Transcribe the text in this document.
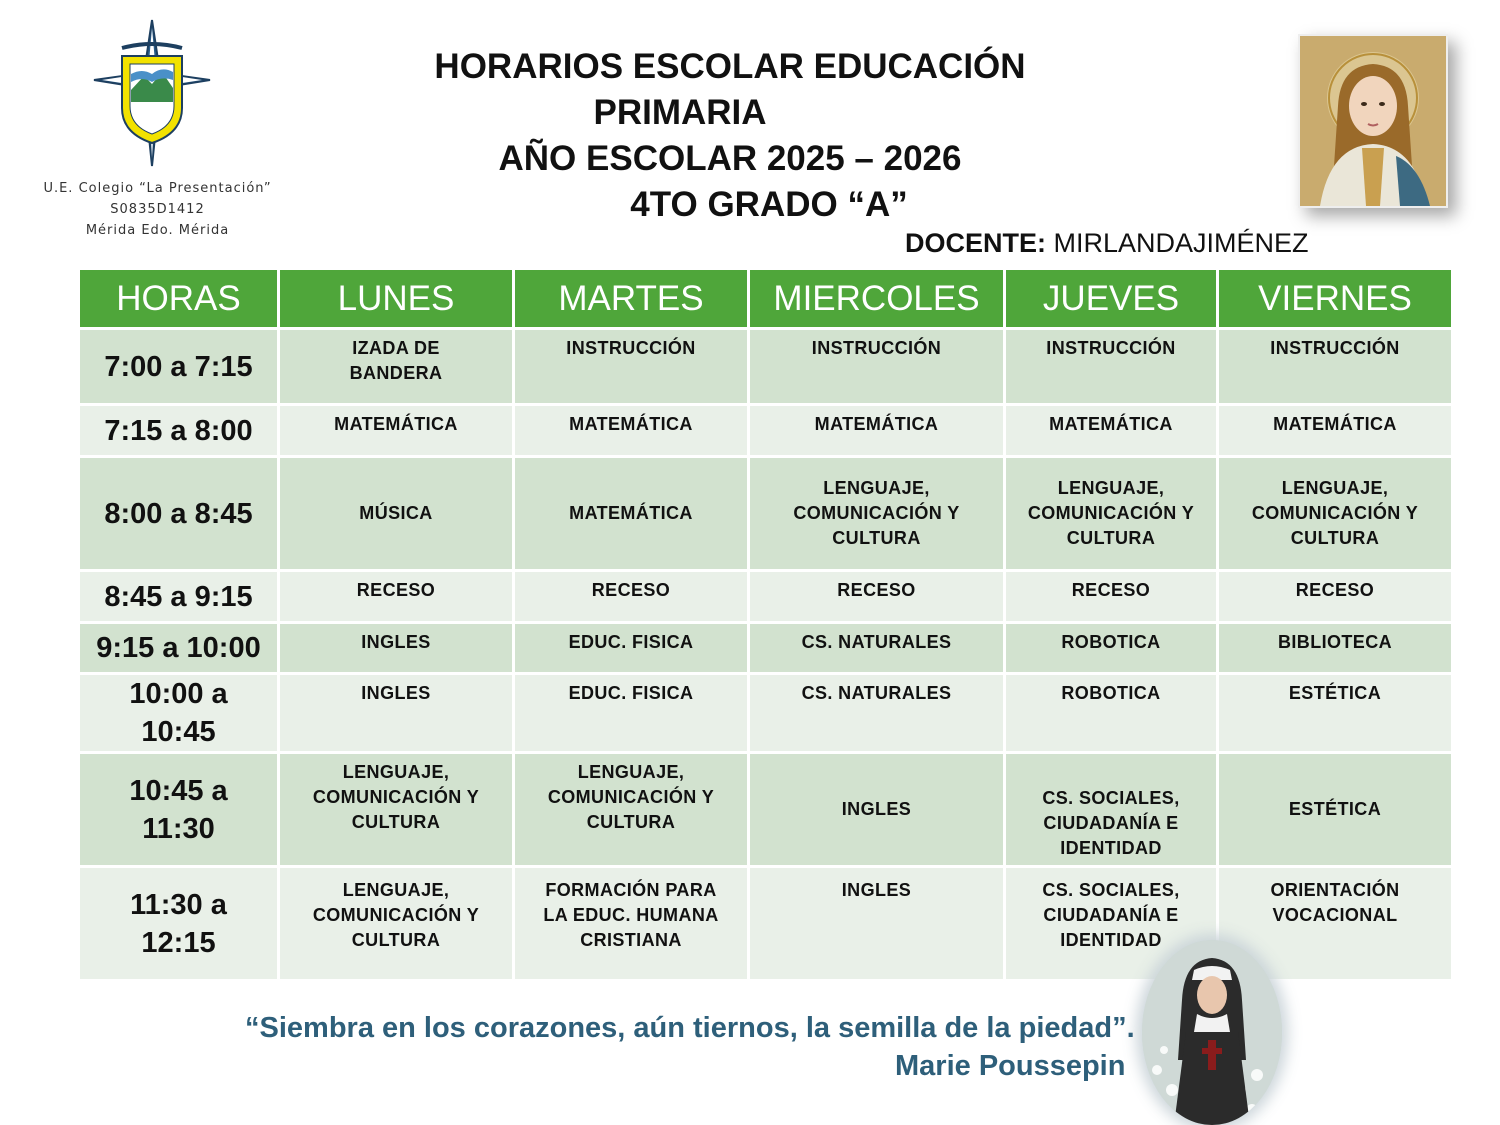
U.E. Colegio “La Presentación”
S0835D1412
Mérida Edo. Mérida
HORARIOS ESCOLAR EDUCACIÓN
PRIMARIA
AÑO ESCOLAR 2025 – 2026
4TO GRADO “A”
DOCENTE: MIRLANDAJIMÉNEZ
HORAS	LUNES	MARTES	MIERCOLES	JUEVES	VIERNES
7:00 a 7:15	IZADA DE BANDERA	INSTRUCCIÓN	INSTRUCCIÓN	INSTRUCCIÓN	INSTRUCCIÓN
7:15 a 8:00	MATEMÁTICA	MATEMÁTICA	MATEMÁTICA	MATEMÁTICA	MATEMÁTICA
8:00 a 8:45	MÚSICA	MATEMÁTICA	LENGUAJE, COMUNICACIÓN Y CULTURA	LENGUAJE, COMUNICACIÓN Y CULTURA	LENGUAJE, COMUNICACIÓN Y CULTURA
8:45 a 9:15	RECESO	RECESO	RECESO	RECESO	RECESO
9:15 a 10:00	INGLES	EDUC. FISICA	CS. NATURALES	ROBOTICA	BIBLIOTECA
10:00 a 10:45	INGLES	EDUC. FISICA	CS. NATURALES	ROBOTICA	ESTÉTICA
10:45 a 11:30	LENGUAJE, COMUNICACIÓN Y CULTURA	LENGUAJE, COMUNICACIÓN Y CULTURA	INGLES	CS. SOCIALES, CIUDADANÍA E IDENTIDAD	ESTÉTICA
11:30 a 12:15	LENGUAJE, COMUNICACIÓN Y CULTURA	FORMACIÓN PARA LA EDUC. HUMANA CRISTIANA	INGLES	CS. SOCIALES, CIUDADANÍA E IDENTIDAD	ORIENTACIÓN VOCACIONAL
“Siembra en los corazones, aún tiernos, la semilla de la piedad”.
Marie Poussepin
